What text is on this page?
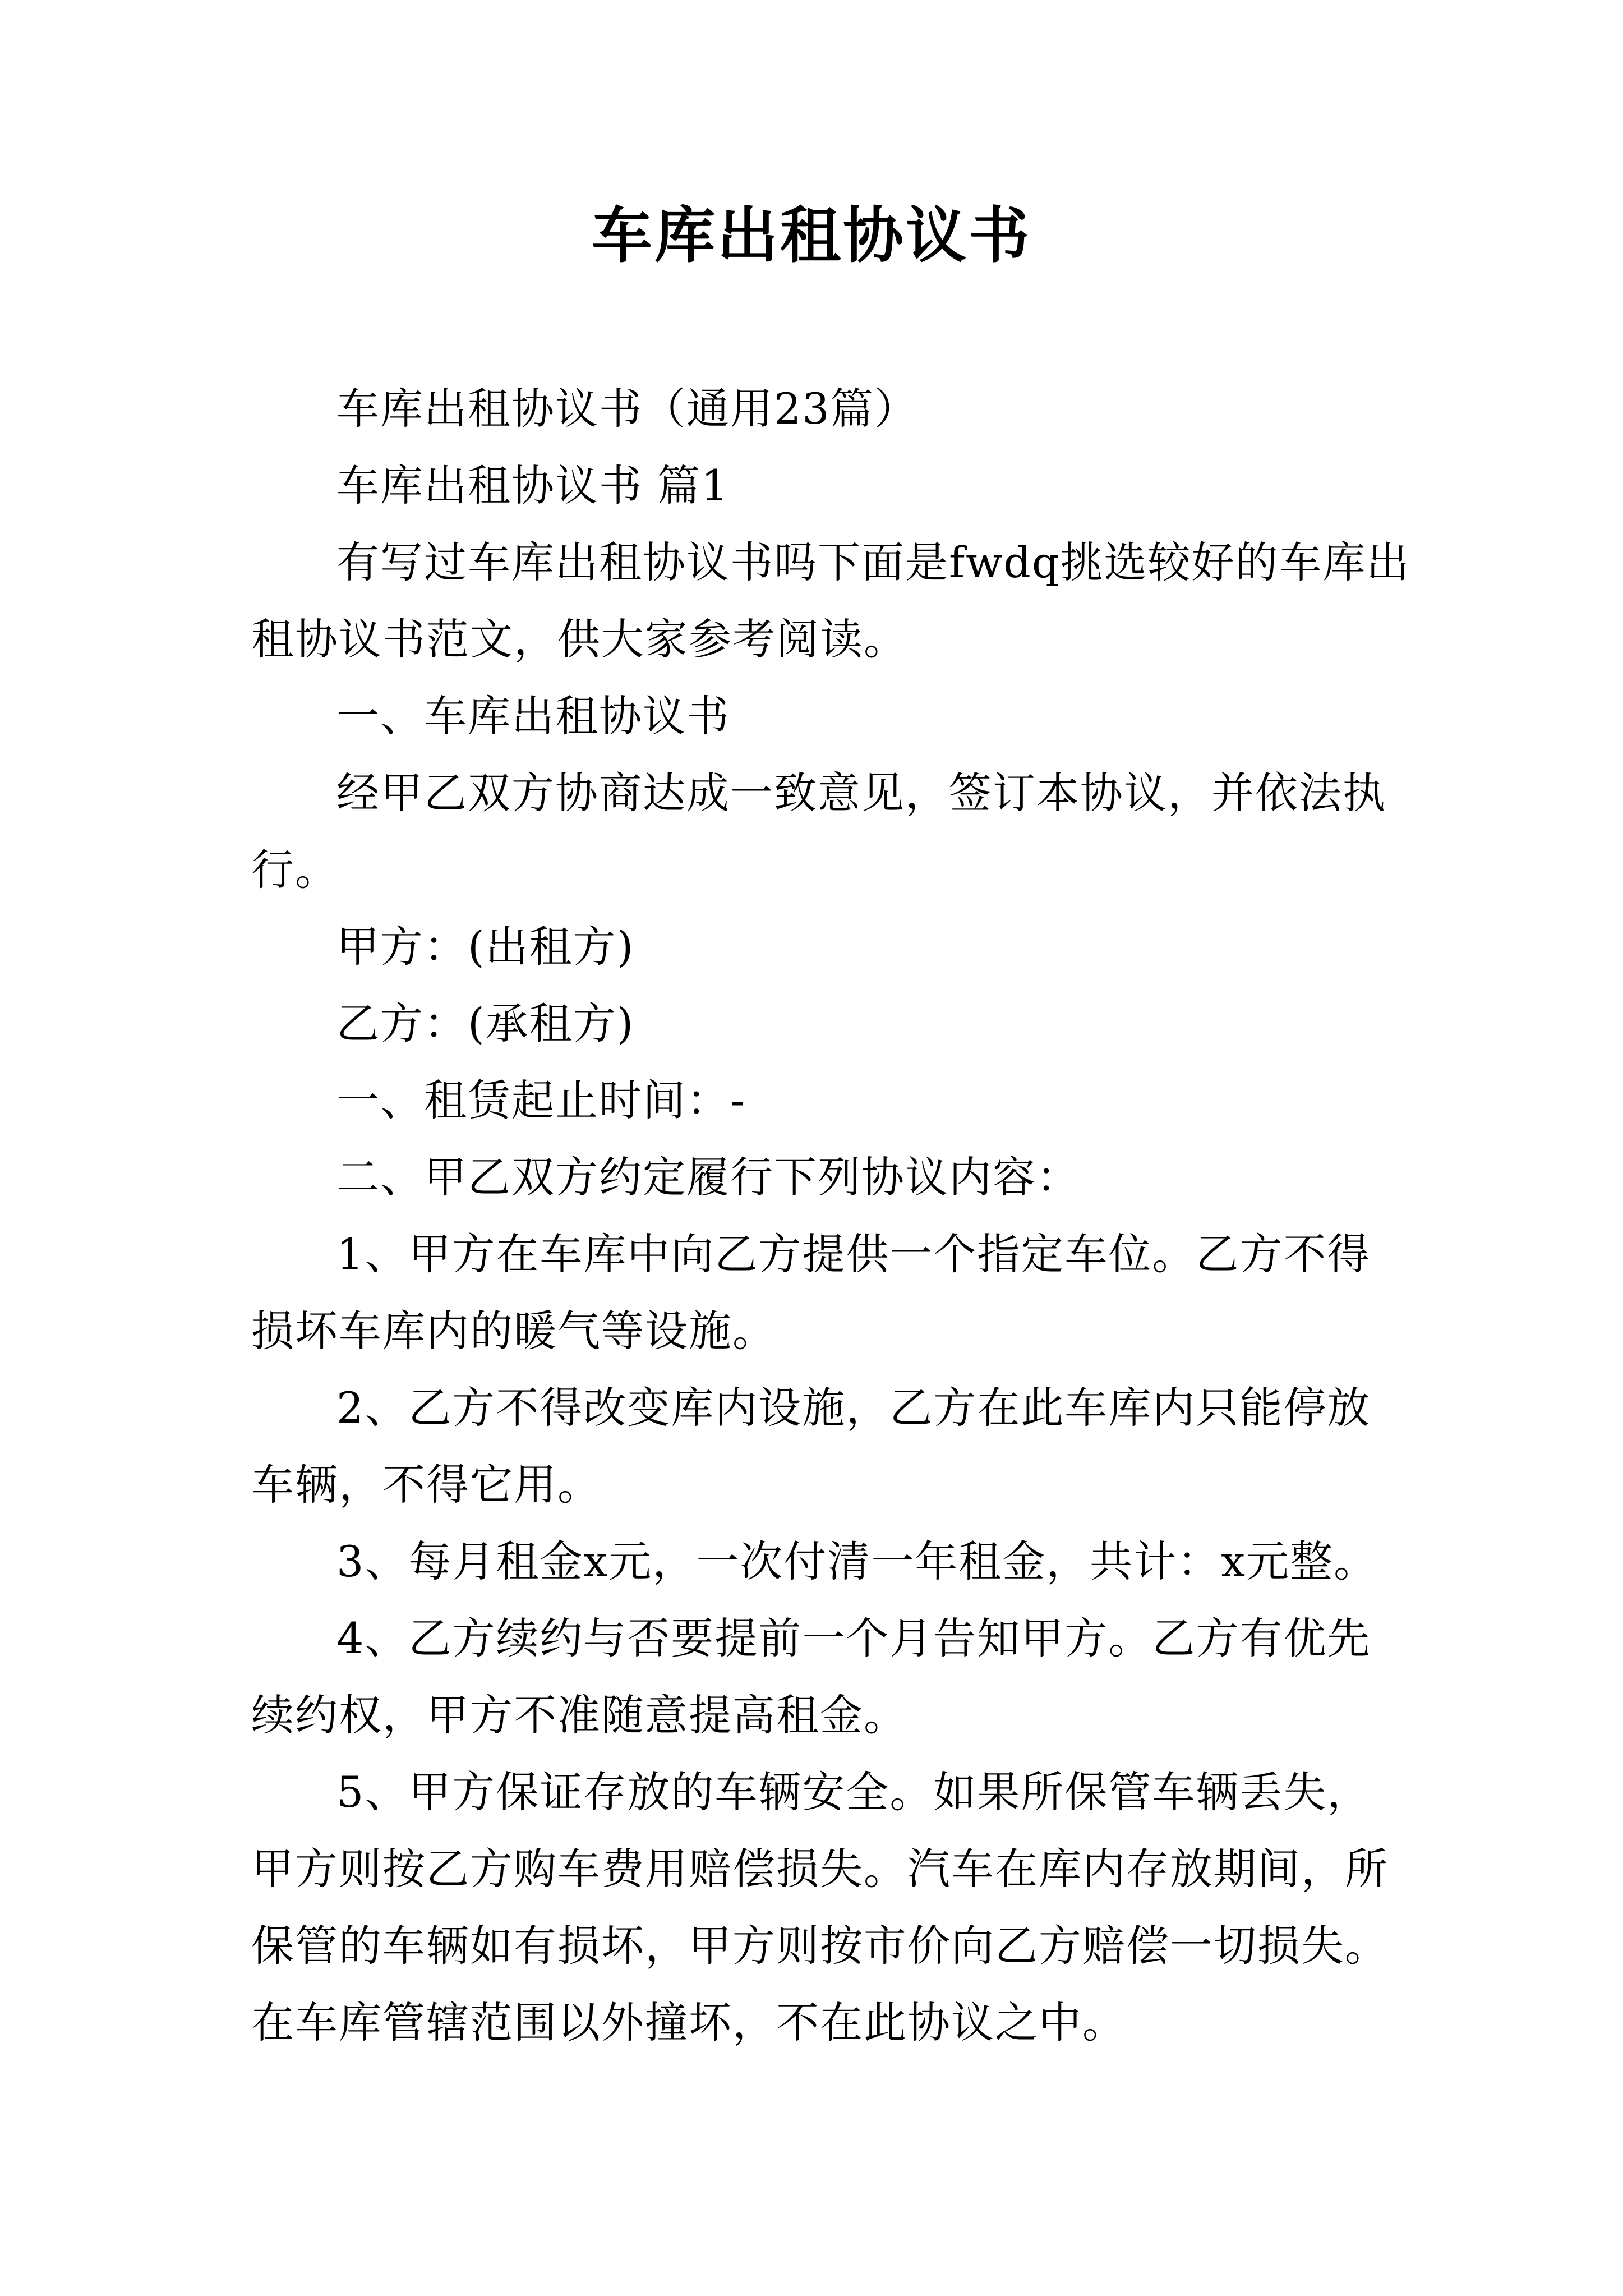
车库出租协议书

车库出租协议书（通用23篇）

车库出租协议书 篇1

有写过车库出租协议书吗下面是fwdq挑选较好的车库出租协议书范文，供大家参考阅读。

一、车库出租协议书

经甲乙双方协商达成一致意见，签订本协议，并依法执行。

甲方：(出租方)

乙方：(承租方)

一、租赁起止时间：-

二、甲乙双方约定履行下列协议内容：

1、甲方在车库中向乙方提供一个指定车位。乙方不得损坏车库内的暖气等设施。

2、乙方不得改变库内设施，乙方在此车库内只能停放车辆，不得它用。

3、每月租金x元，一次付清一年租金，共计：x元整。

4、乙方续约与否要提前一个月告知甲方。乙方有优先续约权，甲方不准随意提高租金。

5、甲方保证存放的车辆安全。如果所保管车辆丢失，甲方则按乙方购车费用赔偿损失。汽车在库内存放期间，所保管的车辆如有损坏，甲方则按市价向乙方赔偿一切损失。在车库管辖范围以外撞坏，不在此协议之中。
